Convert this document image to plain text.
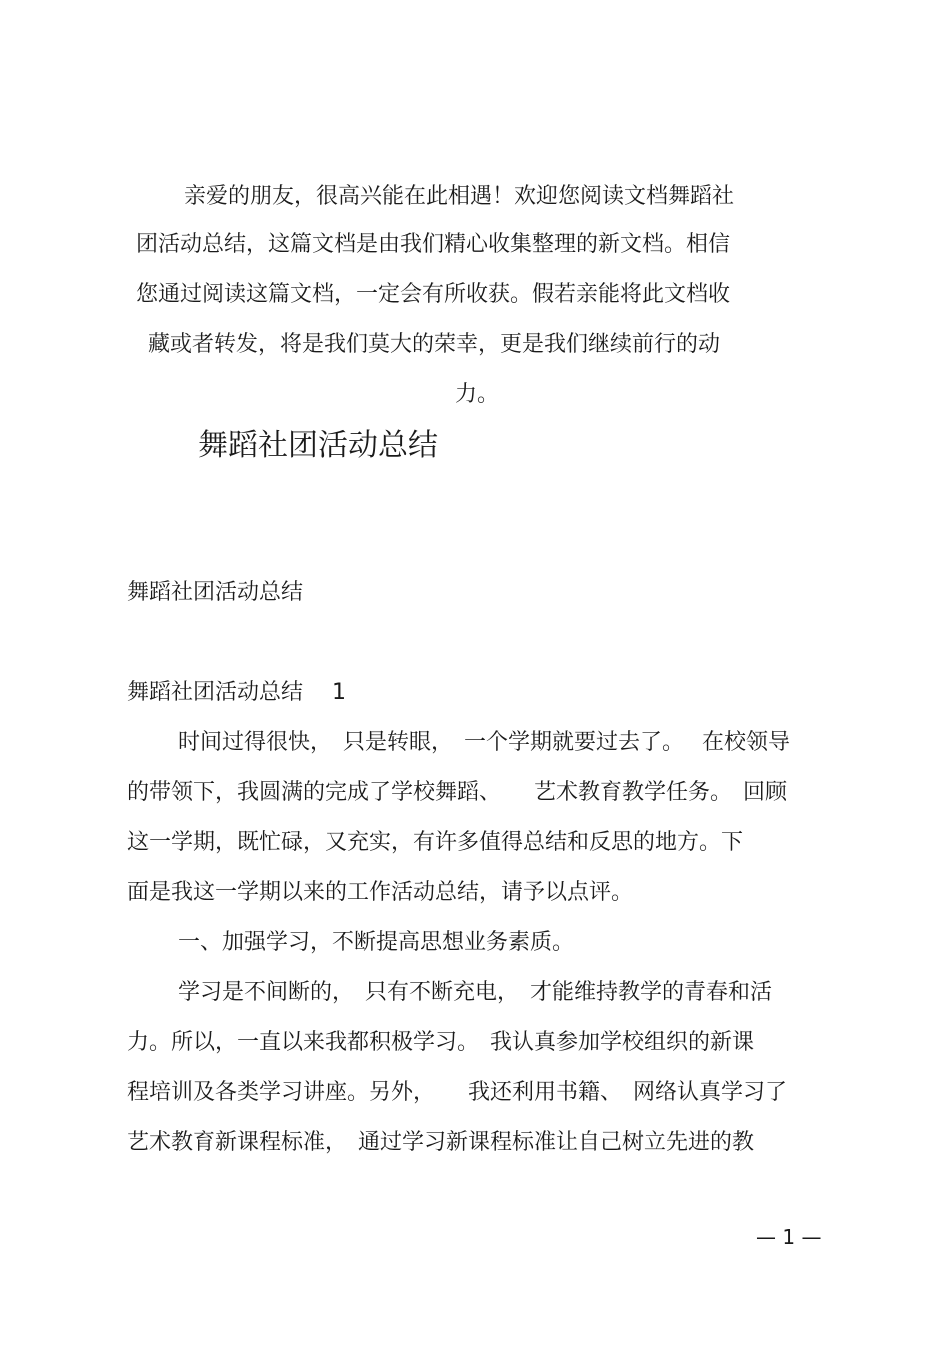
亲爱的朋友，很高兴能在此相遇！欢迎您阅读文档舞蹈社
团活动总结，这篇文档是由我们精心收集整理的新文档。相信
您通过阅读这篇文档，一定会有所收获。假若亲能将此文档收
藏或者转发，将是我们莫大的荣幸，更是我们继续前行的动
力。
舞蹈社团活动总结
舞蹈社团活动总结
舞蹈社团活动总结　 1
时间过得很快，　只是转眼，　一个学期就要过去了。　 在校领导
的带领下，我圆满的完成了学校舞蹈、　　艺术教育教学任务。　回顾
这一学期，既忙碌，又充实，有许多值得总结和反思的地方。下
面是我这一学期以来的工作活动总结，请予以点评。
一、加强学习，不断提高思想业务素质。
学习是不间断的，　只有不断充电，　才能维持教学的青春和活
力。所以，一直以来我都积极学习。　我认真参加学校组织的新课
程培训及各类学习讲座。另外，　　我还利用书籍、　网络认真学习了
艺术教育新课程标准，　通过学习新课程标准让自己树立先进的教
— 1 —
